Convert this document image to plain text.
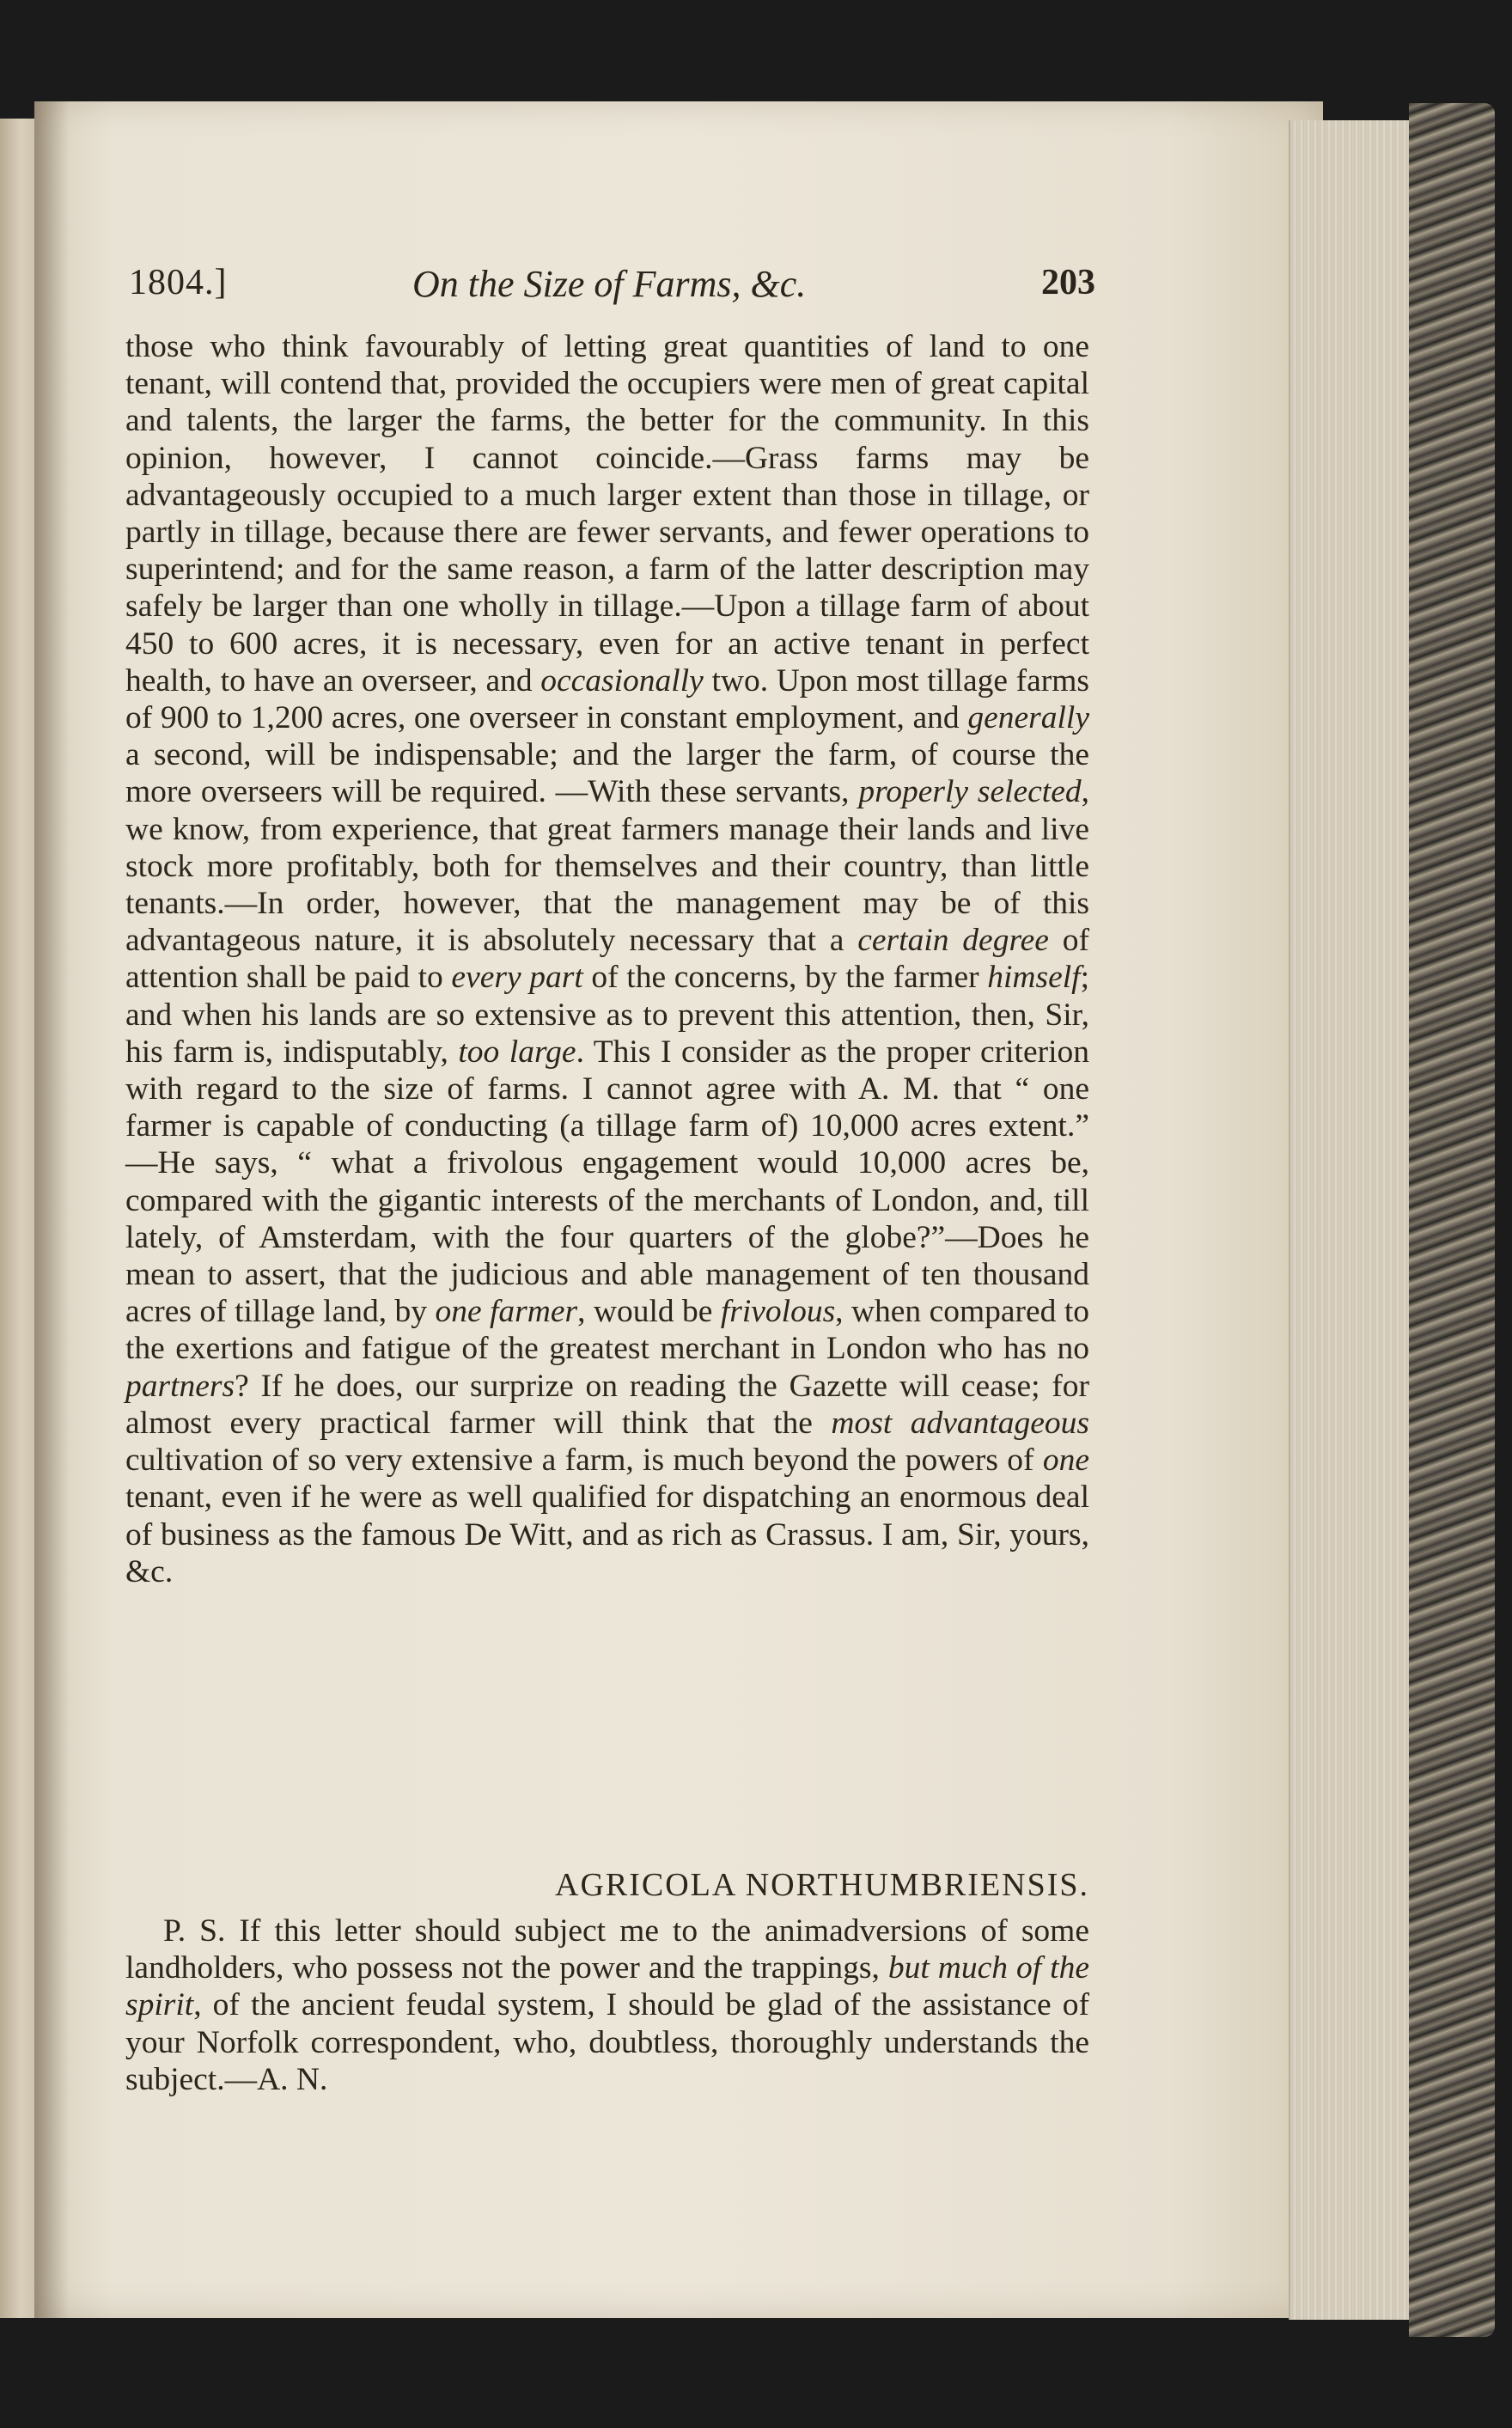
1804.]	On the Size of Farms, &c.	203

those who think favourably of letting great quantities of land to one tenant, will contend that, provided the occupiers were men of great capital and talents, the larger the farms, the better for the community. In this opinion, however, I cannot coincide.—Grass farms may be advantageously occupied to a much larger extent than those in tillage, or partly in tillage, because there are fewer servants, and fewer operations to superintend; and for the same reason, a farm of the latter description may safely be larger than one wholly in tillage.—Upon a tillage farm of about 450 to 600 acres, it is necessary, even for an active tenant in perfect health, to have an overseer, and occasionally two. Upon most tillage farms of 900 to 1,200 acres, one overseer in constant employment, and generally a second, will be indispensable; and the larger the farm, of course the more overseers will be required. —With these servants, properly selected, we know, from experience, that great farmers manage their lands and live stock more profitably, both for themselves and their country, than little tenants.—In order, however, that the management may be of this advantageous nature, it is absolutely necessary that a certain degree of attention shall be paid to every part of the concerns, by the farmer himself; and when his lands are so extensive as to prevent this attention, then, Sir, his farm is, indisputably, too large. This I consider as the proper criterion with regard to the size of farms. I cannot agree with A. M. that “ one farmer is capable of conducting (a tillage farm of) 10,000 acres extent.” —He says, “ what a frivolous engagement would 10,000 acres be, compared with the gigantic interests of the merchants of London, and, till lately, of Amsterdam, with the four quarters of the globe?”—Does he mean to assert, that the judicious and able management of ten thousand acres of tillage land, by one farmer, would be frivolous, when compared to the exertions and fatigue of the greatest merchant in London who has no partners? If he does, our surprize on reading the Gazette will cease; for almost every practical farmer will think that the most advantageous cultivation of so very extensive a farm, is much beyond the powers of one tenant, even if he were as well qualified for dispatching an enormous deal of business as the famous De Witt, and as rich as Crassus. I am, Sir, yours, &c.

AGRICOLA NORTHUMBRIENSIS.
P. S. If this letter should subject me to the animadversions of some landholders, who possess not the power and the trappings, but much of the spirit, of the ancient feudal system, I should be glad of the assistance of your Norfolk correspondent, who, doubtless, thoroughly understands the subject.—A. N.
